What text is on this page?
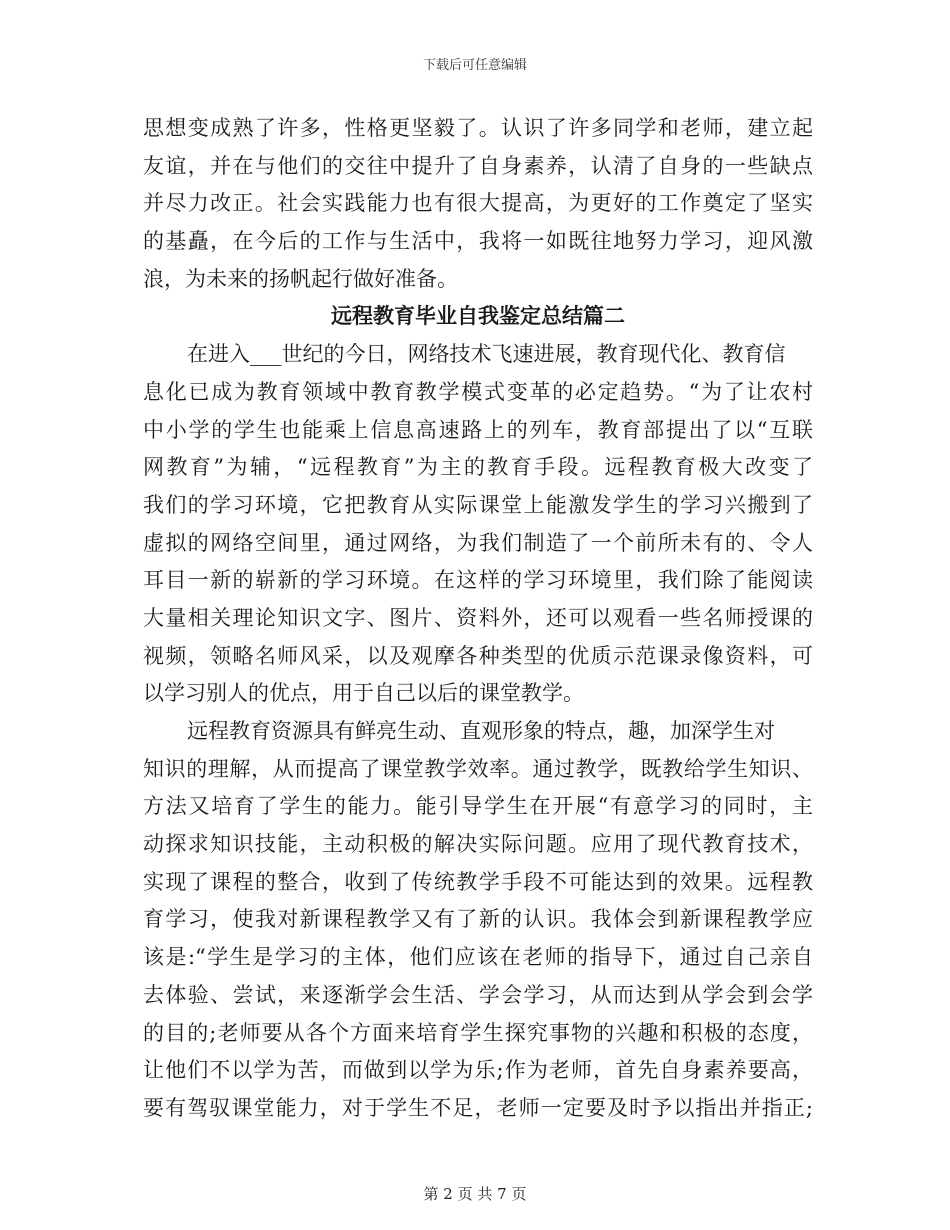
下载后可任意编辑
思想变成熟了许多，性格更坚毅了。认识了许多同学和老师，建立起
友谊，并在与他们的交往中提升了自身素养，认清了自身的一些缺点
并尽力改正。社会实践能力也有很大提高，为更好的工作奠定了坚实
的基矗，在今后的工作与生活中，我将一如既往地努力学习，迎风激
浪，为未来的扬帆起行做好准备。
远程教育毕业自我鉴定总结篇二
在进入___世纪的今日，网络技术飞速进展，教育现代化、教育信
息化已成为教育领域中教育教学模式变革的必定趋势。“为了让农村
中小学的学生也能乘上信息高速路上的列车，教育部提出了以“互联
网教育”为辅，“远程教育”为主的教育手段。远程教育极大改变了
我们的学习环境，它把教育从实际课堂上能激发学生的学习兴搬到了
虚拟的网络空间里，通过网络，为我们制造了一个前所未有的、令人
耳目一新的崭新的学习环境。在这样的学习环境里，我们除了能阅读
大量相关理论知识文字、图片、资料外，还可以观看一些名师授课的
视频，领略名师风采，以及观摩各种类型的优质示范课录像资料，可
以学习别人的优点，用于自己以后的课堂教学。
远程教育资源具有鲜亮生动、直观形象的特点，趣，加深学生对
知识的理解，从而提高了课堂教学效率。通过教学，既教给学生知识、
方法又培育了学生的能力。能引导学生在开展“有意学习的同时，主
动探求知识技能，主动积极的解决实际问题。应用了现代教育技术，
实现了课程的整合，收到了传统教学手段不可能达到的效果。远程教
育学习，使我对新课程教学又有了新的认识。我体会到新课程教学应
该是:“学生是学习的主体，他们应该在老师的指导下，通过自己亲自
去体验、尝试，来逐渐学会生活、学会学习，从而达到从学会到会学
的目的;老师要从各个方面来培育学生探究事物的兴趣和积极的态度，
让他们不以学为苦，而做到以学为乐;作为老师，首先自身素养要高，
要有驾驭课堂能力，对于学生不足，老师一定要及时予以指出并指正;
第 2 页 共 7 页
